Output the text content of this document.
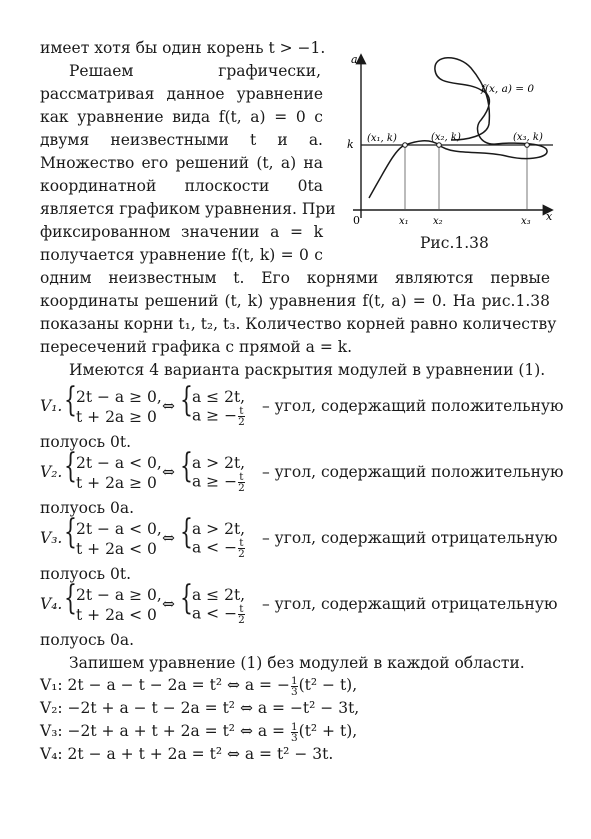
имеет хотя бы один корень t > −1.
Решаем	графически,
рассматривая данное уравнение
как уравнение вида f(t, a) = 0 с
двумя неизвестными t и a.
Множество его решений (t, a) на
координатной плоскости 0ta
является графиком уравнения. При
фиксированном значении a = k
получается уравнение f(t, k) = 0 с
одним неизвестным t. Его корнями являются первые
координаты решений (t, k) уравнения f(t, a) = 0. На рис.1.38
показаны корни t₁, t₂, t₃. Количество корней равно количеству
пересечений графика с прямой a = k.
Имеются 4 варианта раскрытия модулей в уравнении (1).
a
x
0
k
f(x, a) = 0
(x₁, k)	(x₂, k)	(x₃, k)
x₁ x₂	x₃
Рис.1.38
V₁. { 2t − a ≥ 0,
t + 2a ≥ 0
⇔ { a ≤ 2t,
a ≥ − $\frac{t}{2}$ – угол, содержащий положительную
полуось 0t.
V₂. { 2t − a < 0,
t + 2a ≥ 0
⇔ { a > 2t,
a ≥ − $\frac{t}{2}$ – угол, содержащий положительную
полуось 0a.
V₃. { 2t − a < 0,
t + 2a < 0
⇔ { a > 2t,
a < − $\frac{t}{2}$ – угол, содержащий отрицательную
полуось 0t.
V₄. { 2t − a ≥ 0,
t + 2a < 0
⇔ { a ≤ 2t,
a < − $\frac{t}{2}$ – угол, содержащий отрицательную
полуось 0a.
Запишем уравнение (1) без модулей в каждой области.
V₁: 2t − a − t − 2a = t² ⇔ a = − $\frac{1}{3} (t^2 - t)$,
V₂: −2t + a − t − 2a = t² ⇔ a = −t² − 3t,
V₃: −2t + a + t + 2a = t² ⇔ $a = \frac{1}{3} (t^2 + t)$,
V₄: 2t − a + t + 2a = t² ⇔ a = t² − 3t.
